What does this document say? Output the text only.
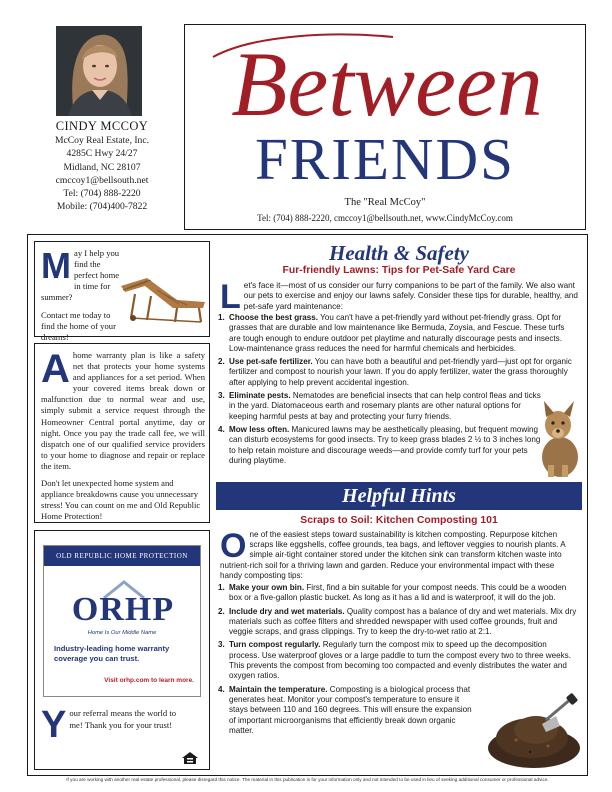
CINDY MCCOY
McCoy Real Estate, Inc.
4285C Hwy 24/27
Midland, NC 28107
cmccoy1@bellsouth.net
Tel: (704) 888-2220
Mobile: (704)400-7822
Between
FRIENDS
The "Real McCoy"
Tel: (704) 888-2220, cmccoy1@bellsouth.net, www.CindyMcCoy.com

May I help you find the perfect home in time for summer?

Contact me today to find the home of your dreams!

Ahome warranty plan is like a safety net that protects your home systems and appliances for a set period. When your covered items break down or malfunction due to normal wear and use, simply submit a service request through the Homeowner Central portal anytime, day or night. Once you pay the trade call fee, we will dispatch one of our qualified service providers to your home to diagnose and repair or replace the item.

Don't let unexpected home system and appliance breakdowns cause you unnecessary stress! You can count on me and Old Republic Home Protection!

OLD REPUBLIC HOME PROTECTION
ORHP
Home Is Our Middle Name
Industry-leading home warranty coverage you can trust.
Visit orhp.com to learn more.
Your referral means the world to me! Thank you for your trust!
Health & Safety
Fur-friendly Lawns: Tips for Pet-Safe Yard Care
Let's face it—most of us consider our furry companions to be part of the family. We also want our pets to exercise and enjoy our lawns safely. Consider these tips for durable, healthy, and pet-safe yard maintenance:
1. Choose the best grass. You can't have a pet-friendly yard without pet-friendly grass. Opt for grasses that are durable and low maintenance like Bermuda, Zoysia, and Fescue. These turfs are tough enough to endure outdoor pet playtime and naturally discourage pests and insects. Low-maintenance grass reduces the need for harmful chemicals and herbicides.
2. Use pet-safe fertilizer. You can have both a beautiful and pet-friendly yard—just opt for organic fertilizer and compost to nourish your lawn. If you do apply fertilizer, water the grass thoroughly after applying to help prevent accidental ingestion.
3. Eliminate pests. Nematodes are beneficial insects that can help control fleas and ticks in the yard. Diatomaceous earth and rosemary plants are other natural options for keeping harmful pests at bay and protecting your furry friends.
4. Mow less often. Manicured lawns may be aesthetically pleasing, but frequent mowing can disturb ecosystems for good insects. Try to keep grass blades 2 ½ to 3 inches long to help retain moisture and discourage weeds—and provide comfy turf for your pets during playtime.
Helpful Hints
Scraps to Soil: Kitchen Composting 101
One of the easiest steps toward sustainability is kitchen composting. Repurpose kitchen scraps like eggshells, coffee grounds, tea bags, and leftover veggies to nourish plants. A simple air-tight container stored under the kitchen sink can transform kitchen waste into nutrient-rich soil for a thriving lawn and garden. Reduce your environmental impact with these handy composting tips:
1. Make your own bin. First, find a bin suitable for your compost needs. This could be a wooden box or a five-gallon plastic bucket. As long as it has a lid and is waterproof, it will do the job.
2. Include dry and wet materials. Quality compost has a balance of dry and wet materials. Mix dry materials such as coffee filters and shredded newspaper with used coffee grounds, fruit and veggie scraps, and grass clippings. Try to keep the dry-to-wet ratio at 2:1.
3. Turn compost regularly. Regularly turn the compost mix to speed up the decomposition process. Use waterproof gloves or a large paddle to turn the compost every two to three weeks. This prevents the compost from becoming too compacted and evenly distributes the water and oxygen ratios.
4. Maintain the temperature. Composting is a biological process that generates heat. Monitor your compost's temperature to ensure it stays between 110 and 160 degrees. This will ensure the expansion of important microorganisms that efficiently break down organic matter.
If you are working with another real estate professional, please disregard this notice. The material in this publication is for your information only and not intended to be used in lieu of seeking additional consumer or professional advice.
